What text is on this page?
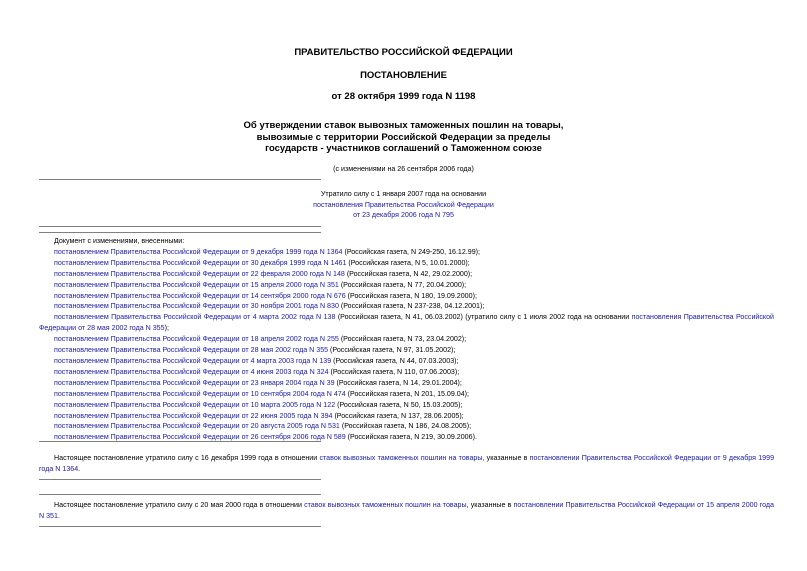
ПРАВИТЕЛЬСТВО РОССИЙСКОЙ ФЕДЕРАЦИИ
ПОСТАНОВЛЕНИЕ
от 28 октября 1999 года N 1198
Об утверждении ставок вывозных таможенных пошлин на товары,
вывозимые с территории Российской Федерации за пределы
государств - участников соглашений о Таможенном союзе
(с изменениями на 26 сентября 2006 года)
Утратило силу с 1 января 2007 года на основании
постановления Правительства Российской Федерации
от 23 декабря 2006 года N 795
Документ с изменениями, внесенными:
постановлением Правительства Российской Федерации от 9 декабря 1999 года N 1364 (Российская газета, N 249-250, 16.12.99);
постановлением Правительства Российской Федерации от 30 декабря 1999 года N 1461 (Российская газета, N 5, 10.01.2000);
постановлением Правительства Российской Федерации от 22 февраля 2000 года N 148 (Российская газета, N 42, 29.02.2000);
постановлением Правительства Российской Федерации от 15 апреля 2000 года N 351 (Российская газета, N 77, 20.04.2000);
постановлением Правительства Российской Федерации от 14 сентября 2000 года N 676 (Российская газета, N 180, 19.09.2000);
постановлением Правительства Российской Федерации от 30 ноября 2001 года N 830 (Российская газета, N 237-238, 04.12.2001);
постановлением Правительства Российской Федерации от 4 марта 2002 года N 138 (Российская газета, N 41, 06.03.2002) (утратило силу с 1 июля 2002 года на основании постановления Правительства Российской Федерации от 28 мая 2002 года N 355);
постановлением Правительства Российской Федерации от 18 апреля 2002 года N 255 (Российская газета, N 73, 23.04.2002);
постановлением Правительства Российской Федерации от 28 мая 2002 года N 355 (Российская газета, N 97, 31.05.2002);
постановлением Правительства Российской Федерации от 4 марта 2003 года N 139 (Российская газета, N 44, 07.03.2003);
постановлением Правительства Российской Федерации от 4 июня 2003 года N 324 (Российская газета, N 110, 07.06.2003);
постановлением Правительства Российской Федерации от 23 января 2004 года N 39 (Российская газета, N 14, 29.01.2004);
постановлением Правительства Российской Федерации от 10 сентября 2004 года N 474 (Российская газета, N 201, 15.09.04);
постановлением Правительства Российской Федерации от 10 марта 2005 года N 122 (Российская газета, N 50, 15.03.2005);
постановлением Правительства Российской Федерации от 22 июня 2005 года N 394 (Российская газета, N 137, 28.06.2005);
постановлением Правительства Российской Федерации от 20 августа 2005 года N 531 (Российская газета, N 186, 24.08.2005);
постановлением Правительства Российской Федерации от 26 сентября 2006 года N 589 (Российская газета, N 219, 30.09.2006).
Настоящее постановление утратило силу с 16 декабря 1999 года в отношении ставок вывозных таможенных пошлин на товары, указанные в постановлении Правительства Российской Федерации от 9 декабря 1999 года N 1364.
Настоящее постановление утратило силу с 20 мая 2000 года в отношении ставок вывозных таможенных пошлин на товары, указанные в постановлении Правительства Российской Федерации от 15 апреля 2000 года N 351.
